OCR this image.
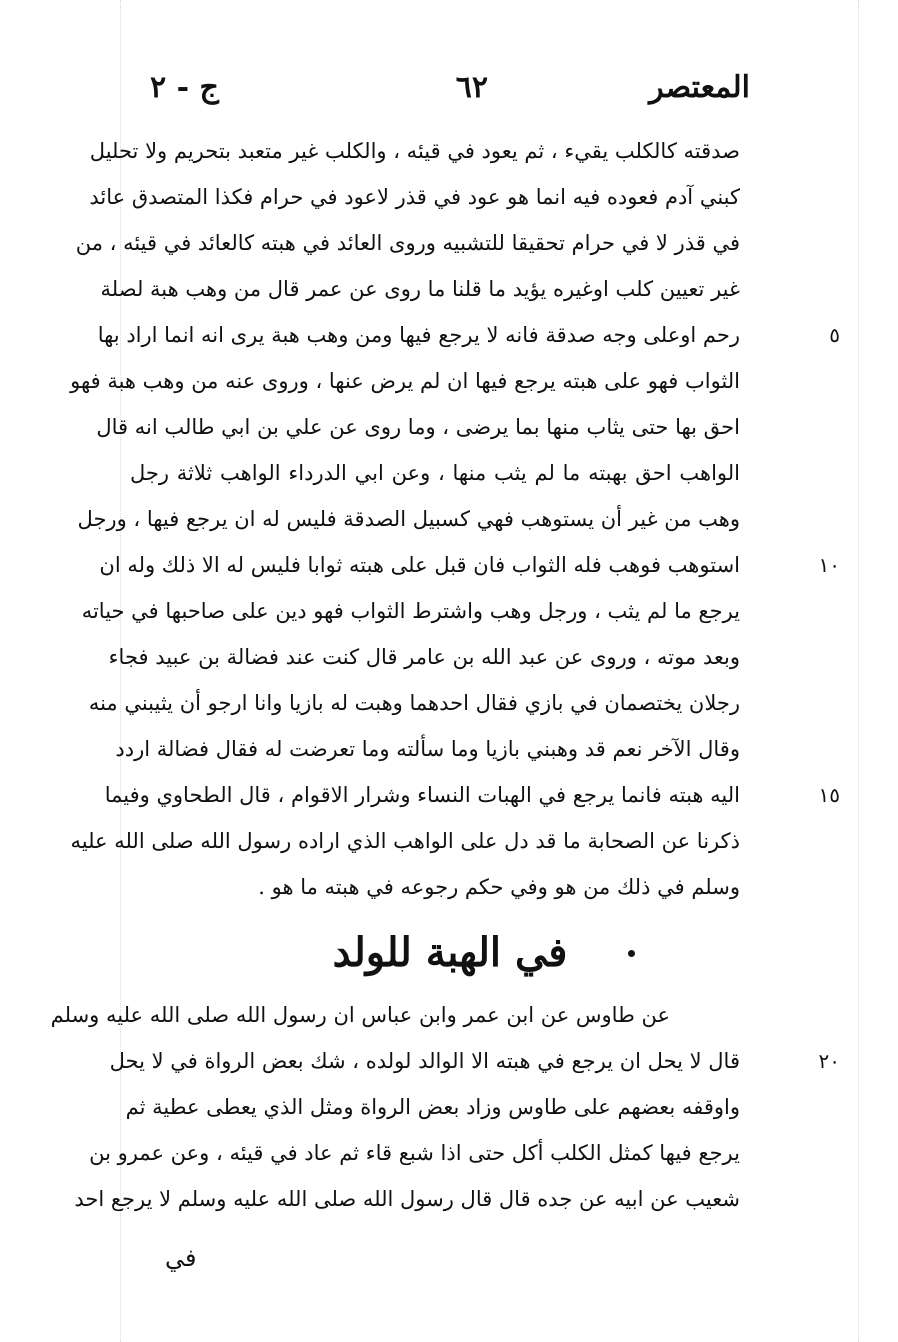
المعتصر
٦٢
ج - ٢
صدقته كالكلب يقيء ، ثم يعود في قيئه ، والكلب غير متعبد بتحريم ولا تحليل
كبني آدم فعوده فيه انما هو عود في قذر لاعود في حرام فكذا المتصدق عائد
في قذر لا في حرام تحقيقا للتشبيه وروى العائد في هبته كالعائد في قيئه ، من
غير تعيين كلب اوغيره يؤيد ما قلنا ما روى عن عمر قال من وهب هبة لصلة
رحم اوعلى وجه صدقة فانه لا يرجع فيها ومن وهب هبة يرى انه انما اراد بها
الثواب فهو على هبته يرجع فيها ان لم يرض عنها ، وروى عنه من وهب هبة فهو
احق بها حتى يثاب منها بما يرضى ، وما روى عن علي بن ابي طالب انه قال
الواهب احق بهبته ما لم يثب منها ، وعن ابي الدرداء الواهب ثلاثة رجل
وهب من غير أن يستوهب فهي كسبيل الصدقة فليس له ان يرجع فيها ، ورجل
استوهب فوهب فله الثواب فان قبل على هبته ثوابا فليس له الا ذلك وله ان
يرجع ما لم يثب ، ورجل وهب واشترط الثواب فهو دين على صاحبها في حياته
وبعد موته ، وروى عن عبد الله بن عامر قال كنت عند فضالة بن عبيد فجاء
رجلان يختصمان في بازي فقال احدهما وهبت له بازيا وانا ارجو أن يثيبني منه
وقال الآخر نعم قد وهبني بازيا وما سألته وما تعرضت له فقال فضالة اردد
اليه هبته فانما يرجع في الهبات النساء وشرار الاقوام ، قال الطحاوي وفيما
ذكرنا عن الصحابة ما قد دل على الواهب الذي اراده رسول الله صلى الله عليه
وسلم في ذلك من هو وفي حكم رجوعه في هبته ما هو .
٥
١٠
١٥
٢٠
في الهبة للولد
عن طاوس عن ابن عمر وابن عباس ان رسول الله صلى الله عليه وسلم
قال لا يحل ان يرجع في هبته الا الوالد لولده ، شك بعض الرواة في لا يحل
واوقفه بعضهم على طاوس وزاد بعض الرواة ومثل الذي يعطى عطية ثم
يرجع فيها كمثل الكلب أكل حتى اذا شبع قاء ثم عاد في قيئه ، وعن عمرو بن
شعيب عن ابيه عن جده قال قال رسول الله صلى الله عليه وسلم لا يرجع احد
في
